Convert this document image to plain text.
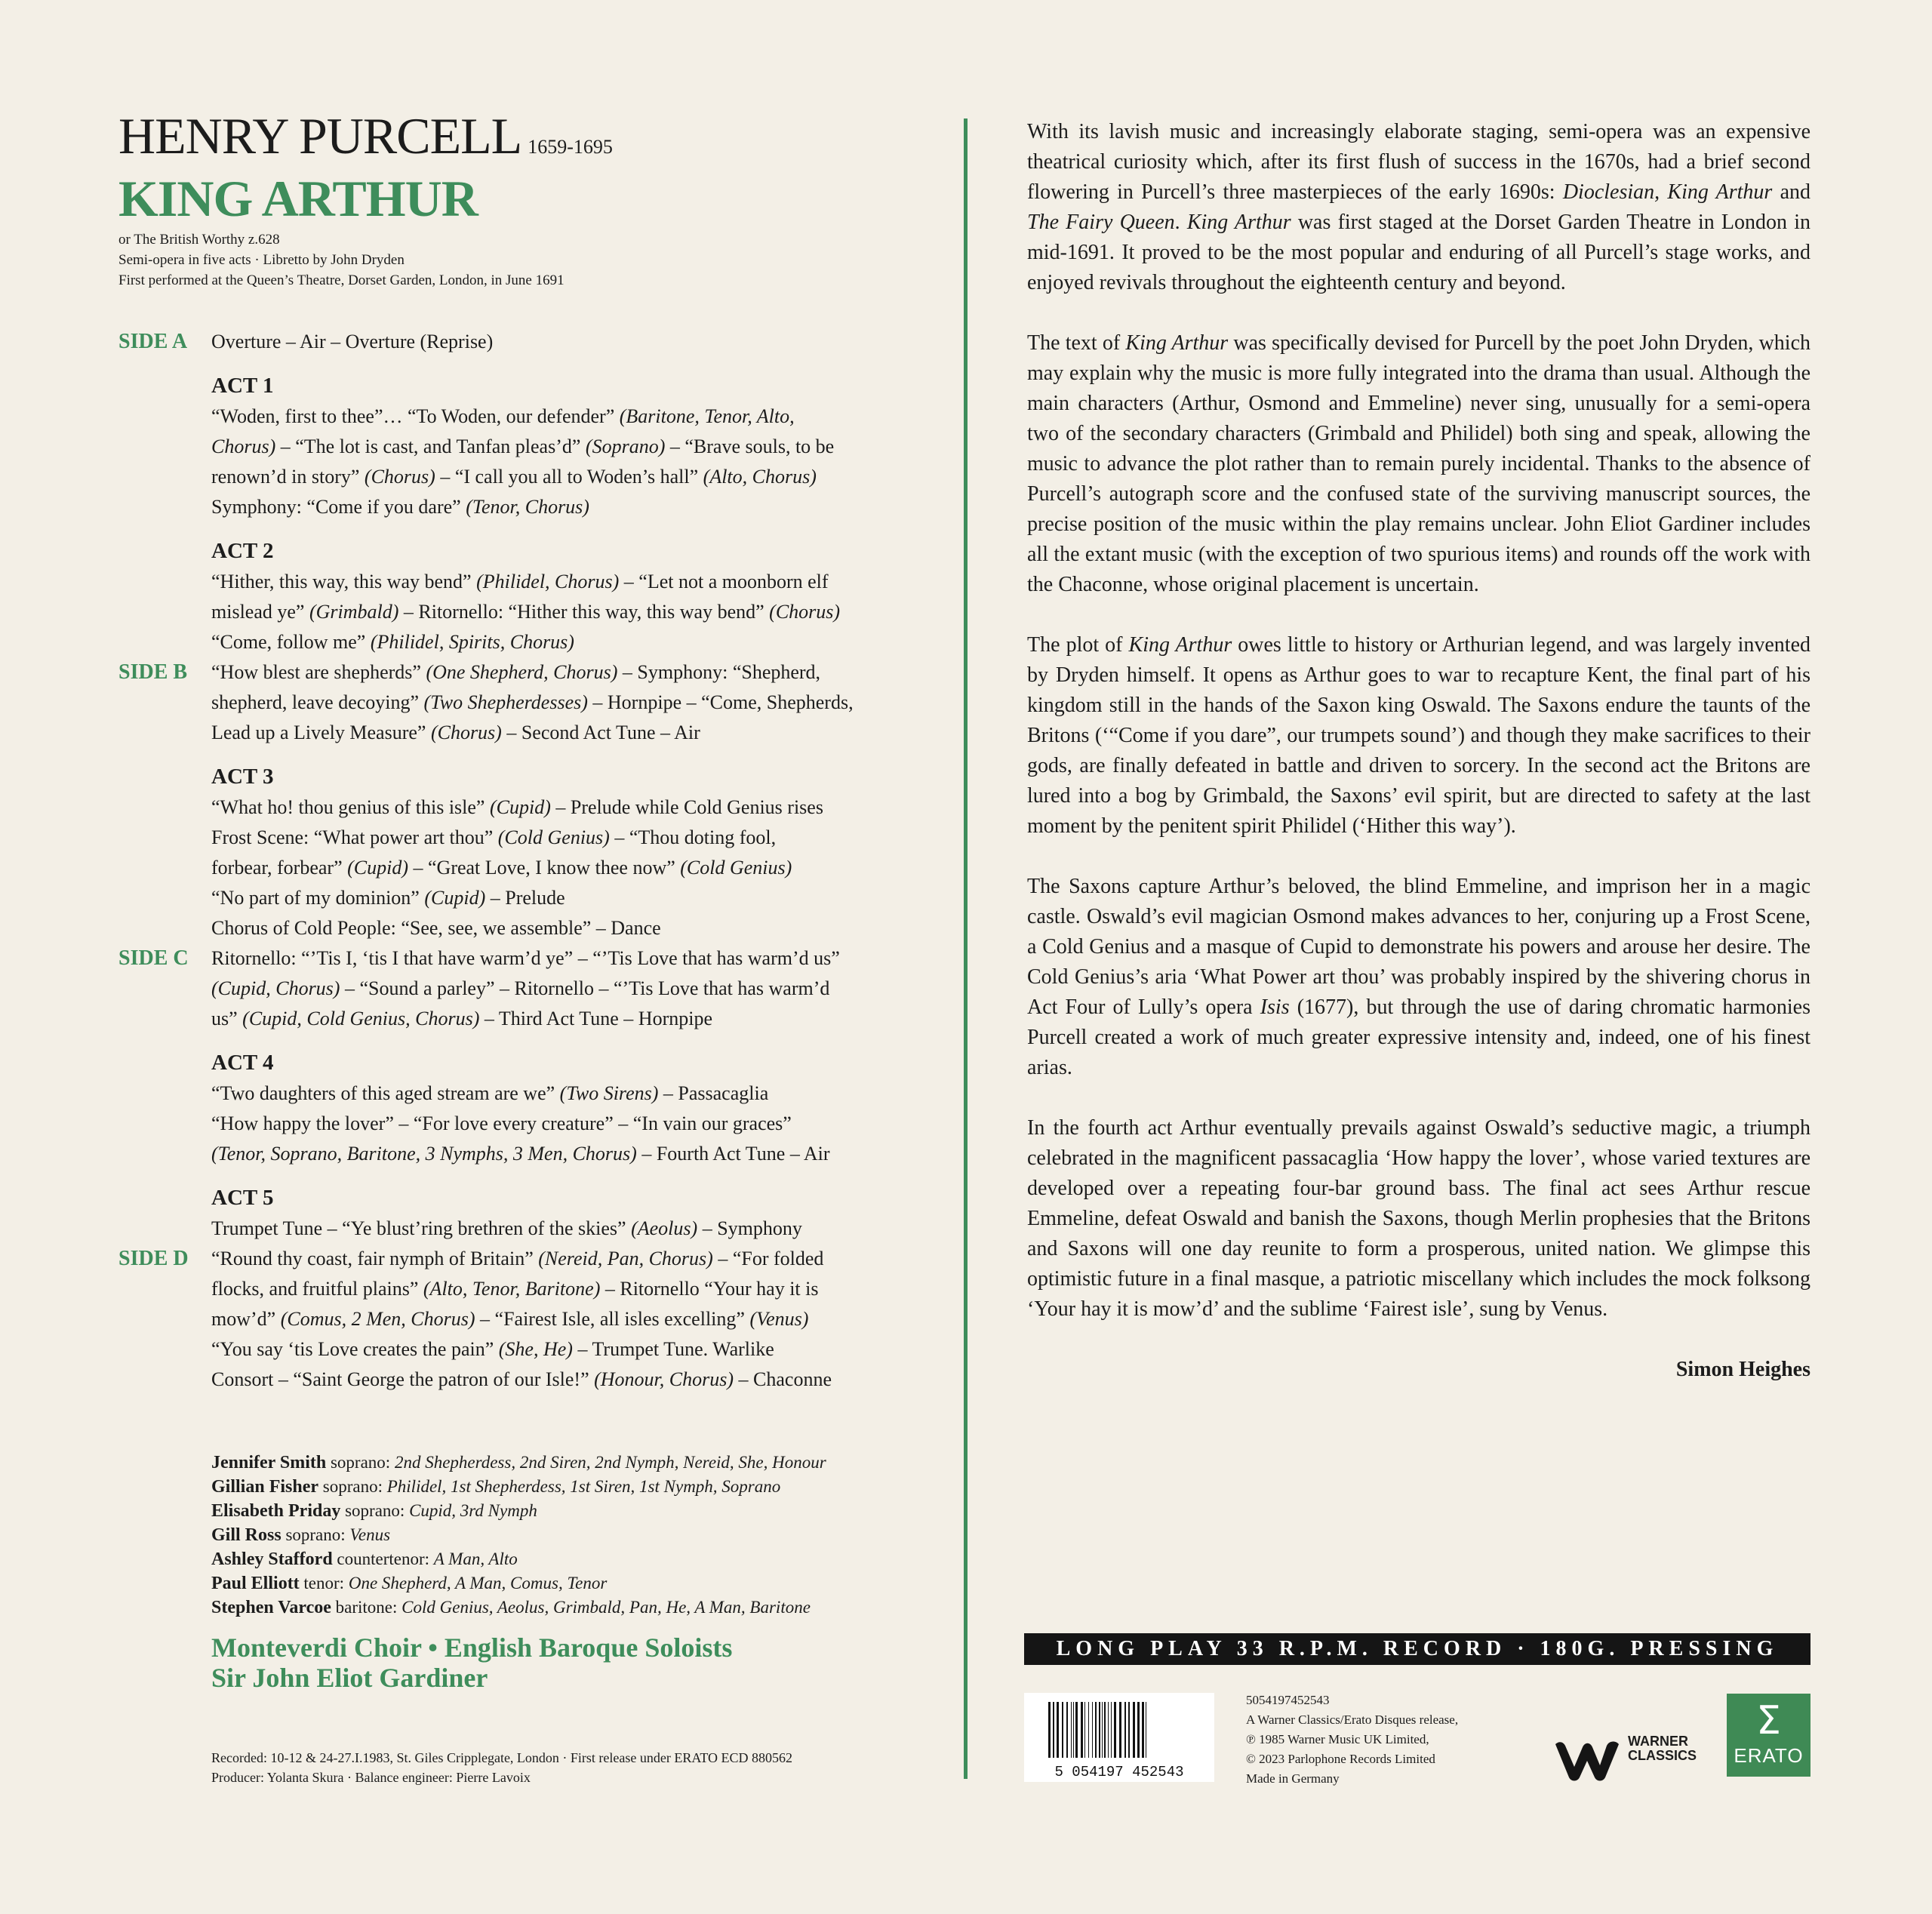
HENRY PURCELL 1659-1695
KING ARTHUR
or The British Worthy z.628
Semi-opera in five acts · Libretto by John Dryden
First performed at the Queen’s Theatre, Dorset Garden, London, in June 1691
SIDE A	Overture – Air – Overture (Reprise)
ACT 1
“Woden, first to thee”… “To Woden, our defender” (Baritone, Tenor, Alto,
Chorus) – “The lot is cast, and Tanfan pleas’d” (Soprano) – “Brave souls, to be
renown’d in story” (Chorus) – “I call you all to Woden’s hall” (Alto, Chorus)
Symphony: “Come if you dare” (Tenor, Chorus)
ACT 2
“Hither, this way, this way bend” (Philidel, Chorus) – “Let not a moonborn elf
mislead ye” (Grimbald) – Ritornello: “Hither this way, this way bend” (Chorus)
“Come, follow me” (Philidel, Spirits, Chorus)
SIDE B	“How blest are shepherds” (One Shepherd, Chorus) – Symphony: “Shepherd,
shepherd, leave decoying” (Two Shepherdesses) – Hornpipe – “Come, Shepherds,
Lead up a Lively Measure” (Chorus) – Second Act Tune – Air
ACT 3
“What ho! thou genius of this isle” (Cupid) – Prelude while Cold Genius rises
Frost Scene: “What power art thou” (Cold Genius) – “Thou doting fool,
forbear, forbear” (Cupid) – “Great Love, I know thee now” (Cold Genius)
“No part of my dominion” (Cupid) – Prelude
Chorus of Cold People: “See, see, we assemble” – Dance
SIDE C	Ritornello: “’Tis I, ‘tis I that have warm’d ye” – “’Tis Love that has warm’d us”
(Cupid, Chorus) – “Sound a parley” – Ritornello – “’Tis Love that has warm’d
us” (Cupid, Cold Genius, Chorus) – Third Act Tune – Hornpipe
ACT 4
“Two daughters of this aged stream are we” (Two Sirens) – Passacaglia
“How happy the lover” – “For love every creature” – “In vain our graces”
(Tenor, Soprano, Baritone, 3 Nymphs, 3 Men, Chorus) – Fourth Act Tune – Air
ACT 5
Trumpet Tune – “Ye blust’ring brethren of the skies” (Aeolus) – Symphony
SIDE D	“Round thy coast, fair nymph of Britain” (Nereid, Pan, Chorus) – “For folded
flocks, and fruitful plains” (Alto, Tenor, Baritone) – Ritornello “Your hay it is
mow’d” (Comus, 2 Men, Chorus) – “Fairest Isle, all isles excelling” (Venus)
“You say ‘tis Love creates the pain” (She, He) – Trumpet Tune. Warlike
Consort – “Saint George the patron of our Isle!” (Honour, Chorus) – Chaconne
Jennifer Smith soprano: 2nd Shepherdess, 2nd Siren, 2nd Nymph, Nereid, She, Honour
Gillian Fisher soprano: Philidel, 1st Shepherdess, 1st Siren, 1st Nymph, Soprano
Elisabeth Priday soprano: Cupid, 3rd Nymph
Gill Ross soprano: Venus
Ashley Stafford countertenor: A Man, Alto
Paul Elliott tenor: One Shepherd, A Man, Comus, Tenor
Stephen Varcoe baritone: Cold Genius, Aeolus, Grimbald, Pan, He, A Man, Baritone
Monteverdi Choir • English Baroque Soloists
Sir John Eliot Gardiner
Recorded: 10-12 & 24-27.I.1983, St. Giles Cripplegate, London · First release under ERATO ECD 880562
Producer: Yolanta Skura · Balance engineer: Pierre Lavoix

With its lavish music and increasingly elaborate staging, semi-opera was an expensive theatrical curiosity which, after its first flush of success in the 1670s, had a brief second flowering in Purcell’s three masterpieces of the early 1690s: Dioclesian, King Arthur and The Fairy Queen. King Arthur was first staged at the Dorset Garden Theatre in London in mid-1691. It proved to be the most popular and enduring of all Purcell’s stage works, and enjoyed revivals throughout the eighteenth century and beyond.

The text of King Arthur was specifically devised for Purcell by the poet John Dryden, which may explain why the music is more fully integrated into the drama than usual. Although the main characters (Arthur, Osmond and Emmeline) never sing, unusually for a semi-opera two of the secondary characters (Grimbald and Philidel) both sing and speak, allowing the music to advance the plot rather than to remain purely incidental. Thanks to the absence of Purcell’s autograph score and the confused state of the surviving manuscript sources, the precise position of the music within the play remains unclear. John Eliot Gardiner includes all the extant music (with the exception of two spurious items) and rounds off the work with the Chaconne, whose original placement is uncertain.

The plot of King Arthur owes little to history or Arthurian legend, and was largely invented by Dryden himself. It opens as Arthur goes to war to recapture Kent, the final part of his kingdom still in the hands of the Saxon king Oswald. The Saxons endure the taunts of the Britons (‘“Come if you dare”, our trumpets sound’) and though they make sacrifices to their gods, are finally defeated in battle and driven to sorcery. In the second act the Britons are lured into a bog by Grimbald, the Saxons’ evil spirit, but are directed to safety at the last moment by the penitent spirit Philidel (‘Hither this way’).

The Saxons capture Arthur’s beloved, the blind Emmeline, and imprison her in a magic castle. Oswald’s evil magician Osmond makes advances to her, conjuring up a Frost Scene, a Cold Genius and a masque of Cupid to demonstrate his powers and arouse her desire. The Cold Genius’s aria ‘What Power art thou’ was probably inspired by the shivering chorus in Act Four of Lully’s opera Isis (1677), but through the use of daring chromatic harmonies Purcell created a work of much greater expressive intensity and, indeed, one of his finest arias.

In the fourth act Arthur eventually prevails against Oswald’s seductive magic, a triumph celebrated in the magnificent passacaglia ‘How happy the lover’, whose varied textures are developed over a repeating four-bar ground bass. The final act sees Arthur rescue Emmeline, defeat Oswald and banish the Saxons, though Merlin prophesies that the Britons and Saxons will one day reunite to form a prosperous, united nation. We glimpse this optimistic future in a final masque, a patriotic miscellany which includes the mock folksong ‘Your hay it is mow’d’ and the sublime ‘Fairest isle’, sung by Venus.

Simon Heighes
LONG PLAY 33 R.P.M. RECORD · 180G. PRESSING
5 054197 452543
5054197452543
A Warner Classics/Erato Disques release,
℗ 1985 Warner Music UK Limited,
© 2023 Parlophone Records Limited
Made in Germany
WARNER
CLASSICS
Σ
ERATO
